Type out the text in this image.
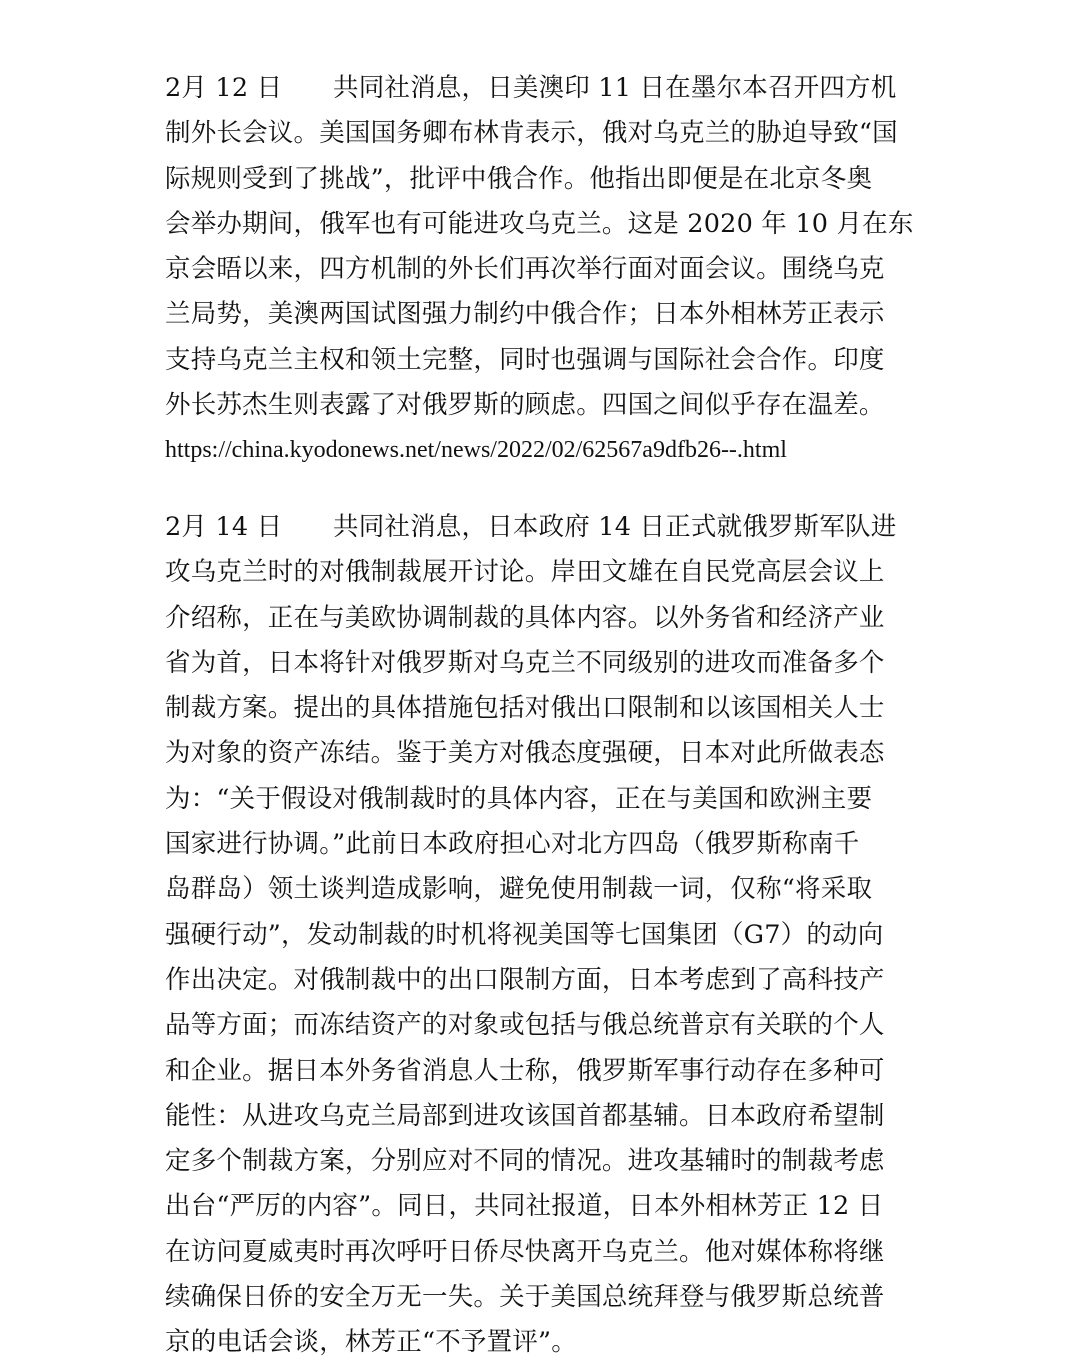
2月 12 日 共同社消息，日美澳印 11 日在墨尔本召开四方机
制外长会议。美国国务卿布林肯表示，俄对乌克兰的胁迫导致“国
际规则受到了挑战”，批评中俄合作。他指出即便是在北京冬奥
会举办期间，俄军也有可能进攻乌克兰。这是 2020 年 10 月在东
京会晤以来，四方机制的外长们再次举行面对面会议。围绕乌克
兰局势，美澳两国试图强力制约中俄合作；日本外相林芳正表示
支持乌克兰主权和领土完整，同时也强调与国际社会合作。印度
外长苏杰生则表露了对俄罗斯的顾虑。四国之间似乎存在温差。
https://china.kyodonews.net/news/2022/02/62567a9dfb26--.html
2月 14 日 共同社消息，日本政府 14 日正式就俄罗斯军队进
攻乌克兰时的对俄制裁展开讨论。岸田文雄在自民党高层会议上
介绍称，正在与美欧协调制裁的具体内容。以外务省和经济产业
省为首，日本将针对俄罗斯对乌克兰不同级别的进攻而准备多个
制裁方案。提出的具体措施包括对俄出口限制和以该国相关人士
为对象的资产冻结。鉴于美方对俄态度强硬，日本对此所做表态
为：“关于假设对俄制裁时的具体内容，正在与美国和欧洲主要
国家进行协调。”此前日本政府担心对北方四岛（俄罗斯称南千
岛群岛）领土谈判造成影响，避免使用制裁一词，仅称“将采取
强硬行动”，发动制裁的时机将视美国等七国集团（G7）的动向
作出决定。对俄制裁中的出口限制方面，日本考虑到了高科技产
品等方面；而冻结资产的对象或包括与俄总统普京有关联的个人
和企业。据日本外务省消息人士称，俄罗斯军事行动存在多种可
能性：从进攻乌克兰局部到进攻该国首都基辅。日本政府希望制
定多个制裁方案，分别应对不同的情况。进攻基辅时的制裁考虑
出台“严厉的内容”。同日，共同社报道，日本外相林芳正 12 日
在访问夏威夷时再次呼吁日侨尽快离开乌克兰。他对媒体称将继
续确保日侨的安全万无一失。关于美国总统拜登与俄罗斯总统普
京的电话会谈，林芳正“不予置评”。
